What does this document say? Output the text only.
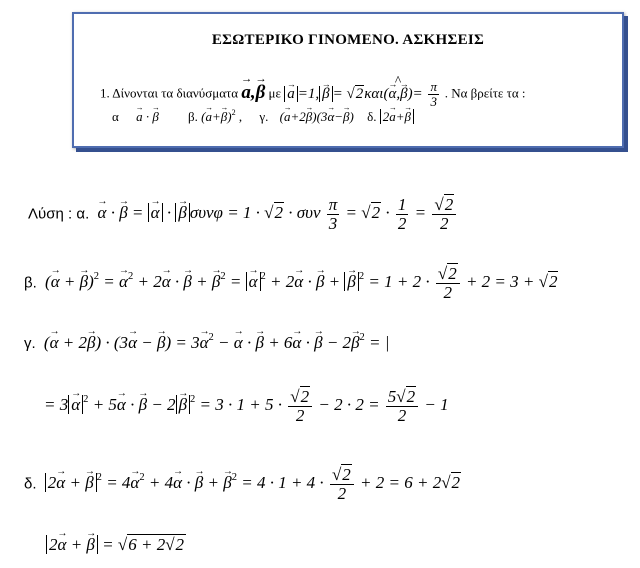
ΕΣΩΤΕΡΙΚΟ ΓΙΝΟΜΕΝΟ. ΑΣΚΗΣΕΙΣ
1. Δίνονται τα διανύσματα → a,→ β με → a =1, → β = √2και(^ → $\alpha,\to \beta)= \frac{\pi}{3}$ . Να βρείτε τα :
α → a · → β β. (→ a+→ β)$^2$ , γ. (→ a+2→ β)(3→ α−→ β) δ. 2→ a+→ β
Λύση : α. → α · → β = → α · → β συνφ = 1 · √2 · συν $\frac{\pi}{3} = √2 \cdot \frac{1}{2} = \frac{√2}{2}$
β. (→ α + → β)$^2$ = → $\alpha^2 + 2\to \alpha$ · → β + → $\beta^2$ = → α $^2$ + 2→ α · → β + → β $^2 = 1 + 2 \cdot \frac{√2}{2} + 2 = 3 + √2$
γ. (→ α + 2→ β) · (3→ α − → $\beta) = 3\to \alpha^2$ − → α · → β + 6→ α · → $\beta - 2\to \beta^2$ = |
= 3 → α $^2$ + 5→ α · → β − 2 → β $^2 = 3 \cdot 1 + 5 \cdot \frac{√2}{2} - 2 \cdot 2 = \frac{5√2}{2} - 1$
δ. 2→ α + → β $^2 = 4\to \alpha^2 + 4\to \alpha$ · → β + → $\beta^2 = 4 \cdot 1 + 4 \cdot \frac{√2}{2} + 2 = 6 + 2√2$
2→ α + → β = √6 + 2√2
